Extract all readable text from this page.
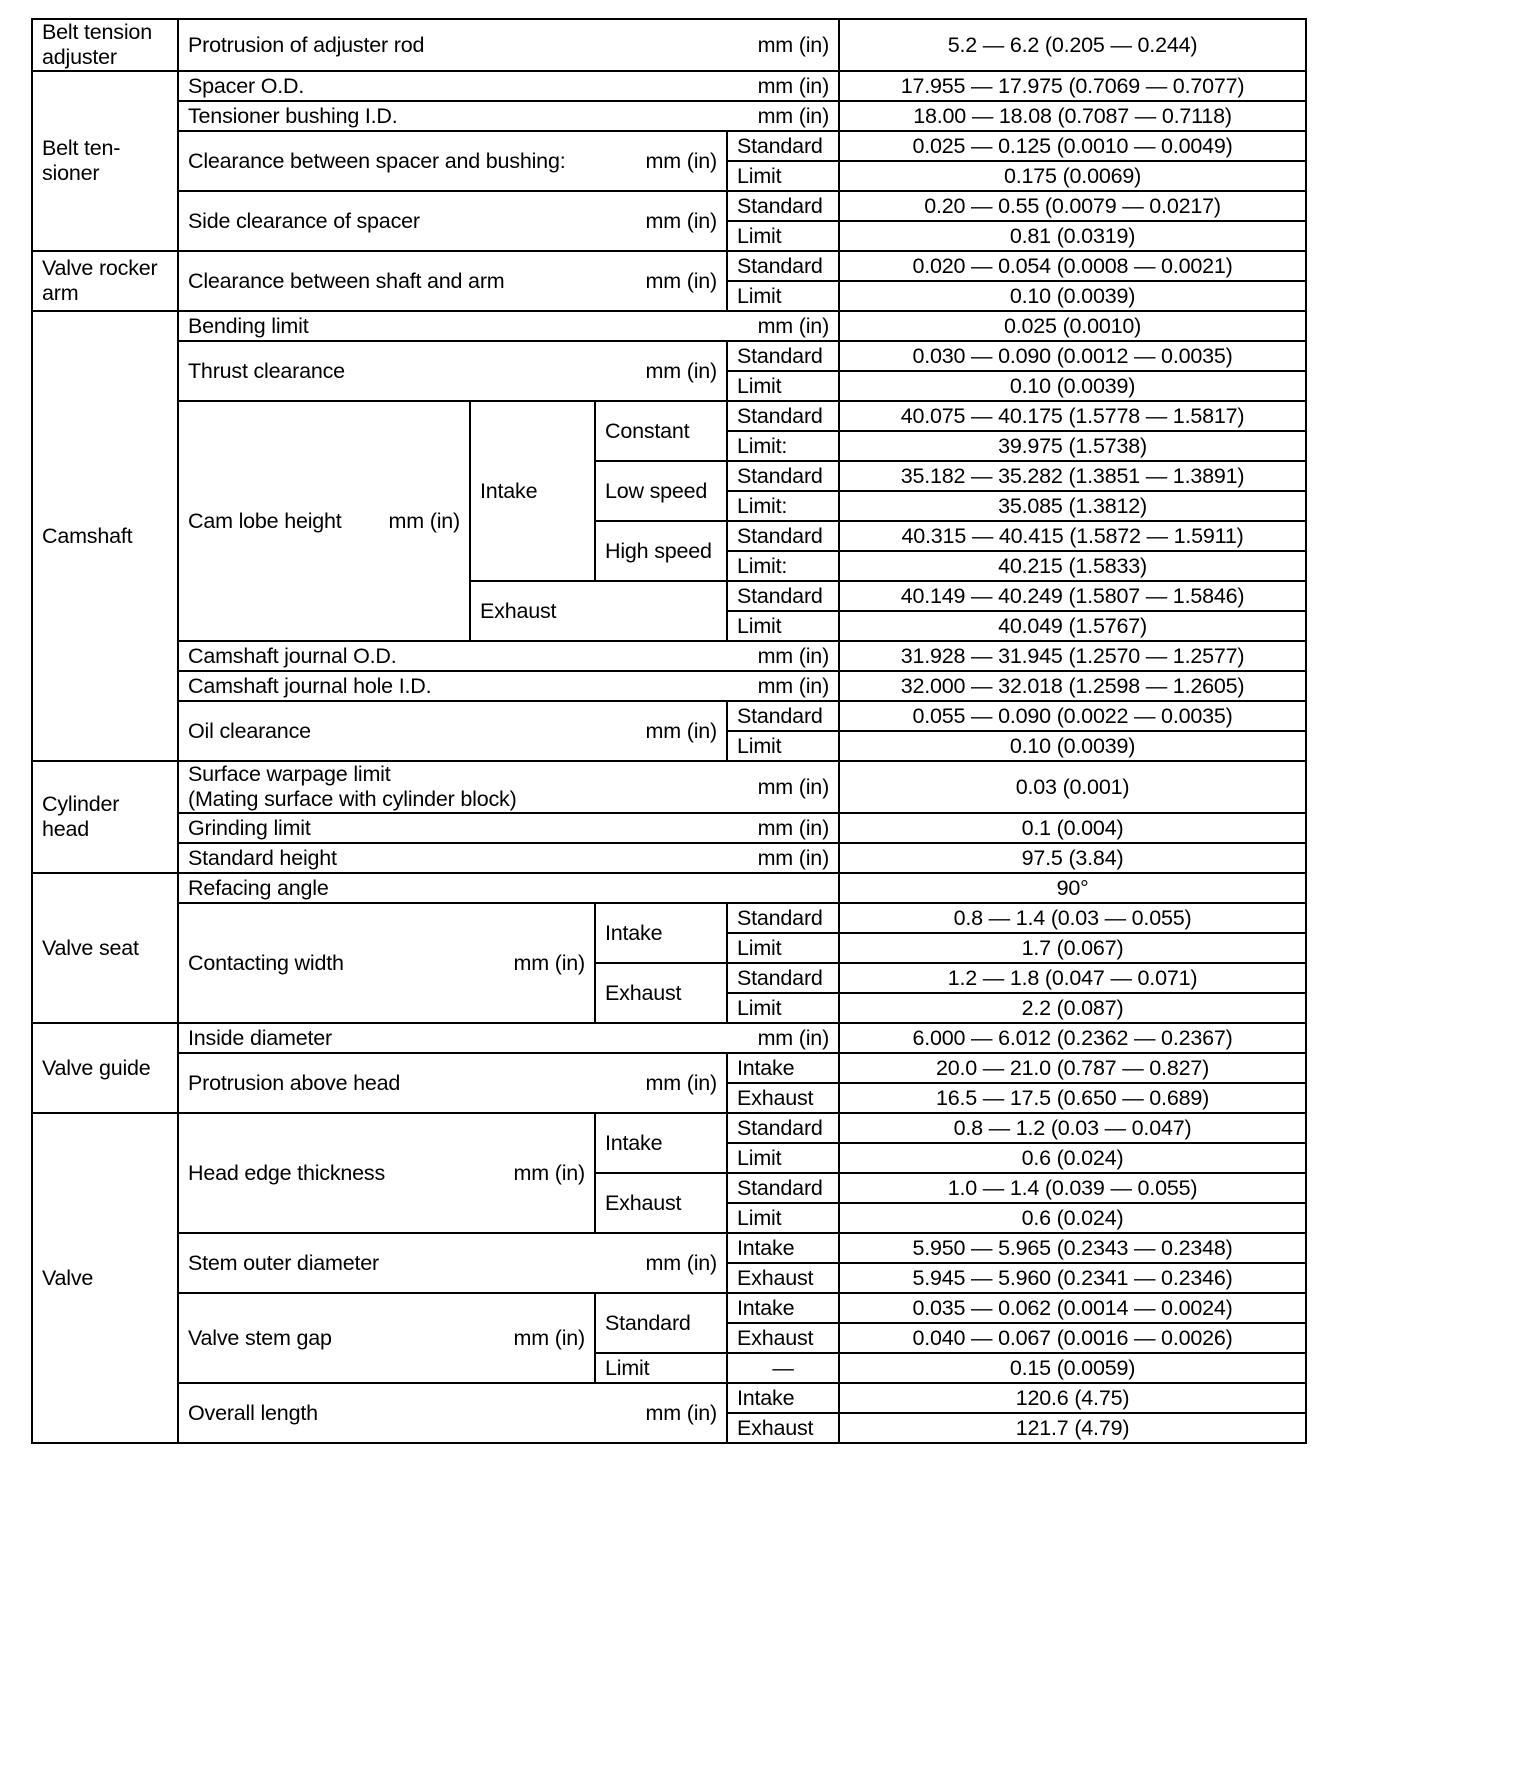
Belt tension adjuster	Protrusion of adjuster rod mm (in)				5.2 — 6.2 (0.205 — 0.244)
Belt ten-sioner	Spacer O.D. mm (in)				17.955 — 17.975 (0.7069 — 0.7077)

	Tensioner bushing I.D. mm (in)				18.00 — 18.08 (0.7087 — 0.7118)

	Clearance between spacer and bushing: mm (in)			Standard	0.025 — 0.125 (0.0010 — 0.0049)
				Limit	0.175 (0.0069)

	Side clearance of spacer mm (in)			Standard	0.20 — 0.55 (0.0079 — 0.0217)
				Limit	0.81 (0.0319)
Valve rocker arm	Clearance between shaft and arm mm (in)			Standard	0.020 — 0.054 (0.0008 — 0.0021)
				Limit	0.10 (0.0039)
Camshaft	Bending limit mm (in)				0.025 (0.0010)

	Thrust clearance mm (in)			Standard	0.030 — 0.090 (0.0012 — 0.0035)
				Limit	0.10 (0.0039)

	Cam lobe height mm (in)	Intake	Constant	Standard	40.075 — 40.175 (1.5778 — 1.5817)
				Limit:	39.975 (1.5738)
			Low speed	Standard	35.182 — 35.282 (1.3851 — 1.3891)
				Limit:	35.085 (1.3812)
			High speed	Standard	40.315 — 40.415 (1.5872 — 1.5911)
				Limit:	40.215 (1.5833)
		Exhaust		Standard	40.149 — 40.249 (1.5807 — 1.5846)
				Limit	40.049 (1.5767)

	Camshaft journal O.D. mm (in)				31.928 — 31.945 (1.2570 — 1.2577)

	Camshaft journal hole I.D. mm (in)				32.000 — 32.018 (1.2598 — 1.2605)

	Oil clearance mm (in)			Standard	0.055 — 0.090 (0.0022 — 0.0035)
				Limit	0.10 (0.0039)
Cylinder head	Surface warpage limit
(Mating surface with cylinder block)
mm (in)				0.03 (0.001)

	Grinding limit mm (in)				0.1 (0.004)

	Standard height mm (in)				97.5 (3.84)
Valve seat	Refacing angle				90°

	Contacting width mm (in)		Intake	Standard	0.8 — 1.4 (0.03 — 0.055)
				Limit	1.7 (0.067)
			Exhaust	Standard	1.2 — 1.8 (0.047 — 0.071)
				Limit	2.2 (0.087)
Valve guide	Inside diameter mm (in)				6.000 — 6.012 (0.2362 — 0.2367)

	Protrusion above head mm (in)			Intake	20.0 — 21.0 (0.787 — 0.827)
				Exhaust	16.5 — 17.5 (0.650 — 0.689)
Valve	Head edge thickness mm (in)		Intake	Standard	0.8 — 1.2 (0.03 — 0.047)
				Limit	0.6 (0.024)
			Exhaust	Standard	1.0 — 1.4 (0.039 — 0.055)
				Limit	0.6 (0.024)

	Stem outer diameter mm (in)			Intake	5.950 — 5.965 (0.2343 — 0.2348)
				Exhaust	5.945 — 5.960 (0.2341 — 0.2346)

	Valve stem gap mm (in)		Standard	Intake	0.035 — 0.062 (0.0014 — 0.0024)
				Exhaust	0.040 — 0.067 (0.0016 — 0.0026)
			Limit	—	0.15 (0.0059)

	Overall length mm (in)			Intake	120.6 (4.75)
				Exhaust	121.7 (4.79)
